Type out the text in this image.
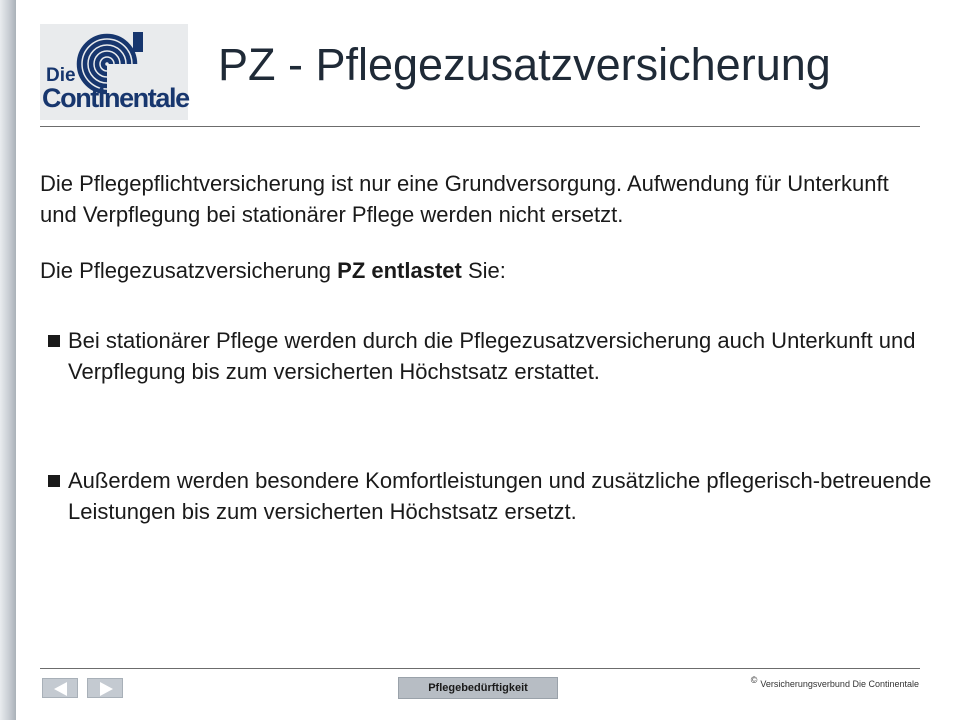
Die
Continentale
PZ - Pflegezusatzversicherung

Die Pflegepflichtversicherung ist nur eine Grundversorgung. Aufwendung für Unterkunft und Verpflegung bei stationärer Pflege werden nicht ersetzt.

Die Pflegezusatzversicherung PZ entlastet Sie:

Bei stationärer Pflege werden durch die Pflegezusatzversicherung auch Unterkunft und Verpflegung bis zum versicherten Höchstsatz erstattet.
Außerdem werden besondere Komfortleistungen und zusätzliche pflegerisch-betreuende Leistungen bis zum versicherten Höchstsatz ersetzt.
Pflegebedürftigkeit
© Versicherungsverbund Die Continentale
